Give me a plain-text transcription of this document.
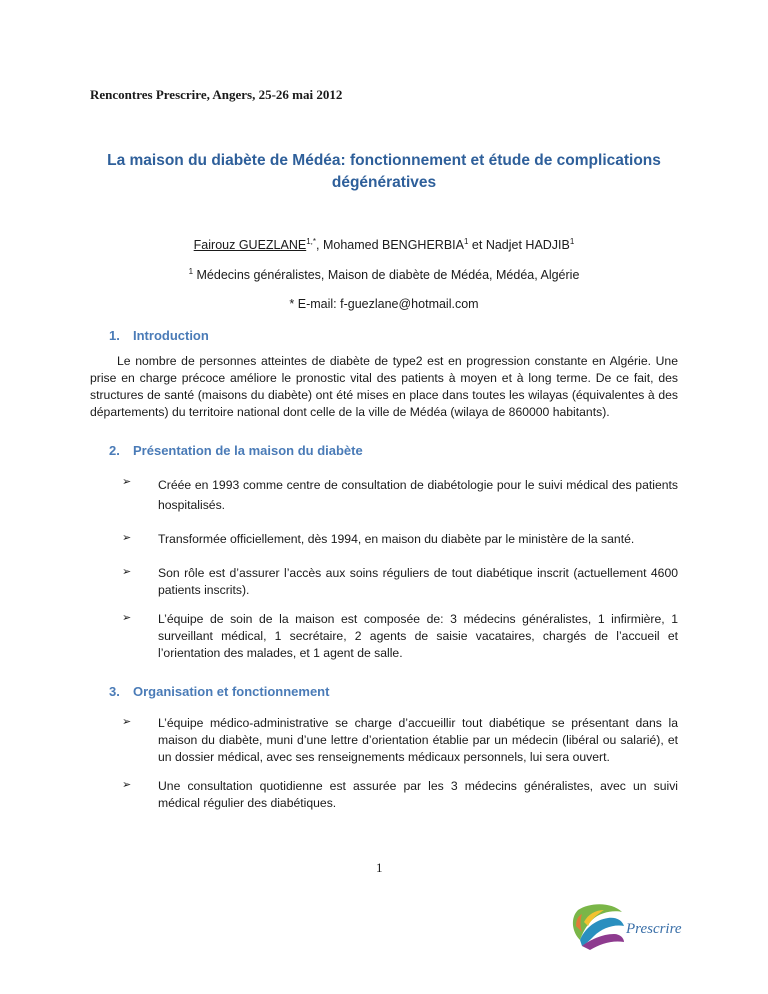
Rencontres Prescrire, Angers, 25-26 mai 2012
La maison du diabète de Médéa: fonctionnement et étude de complications dégénératives
Fairouz $GUEZLANE^{1,*}$, Mohamed BENGHERBIA$^1$ et Nadjet HADJIB$^1$
$^1$ Médecins généralistes, Maison de diabète de Médéa, Médéa, Algérie
* E-mail: f-guezlane@hotmail.com
1. Introduction
Le nombre de personnes atteintes de diabète de type2 est en progression constante en Algérie. Une prise en charge précoce améliore le pronostic vital des patients à moyen et à long terme. De ce fait, des structures de santé (maisons du diabète) ont été mises en place dans toutes les wilayas (équivalentes à des départements) du territoire national dont celle de la ville de Médéa (wilaya de 860000 habitants).
2. Présentation de la maison du diabète
➢ Créée en 1993 comme centre de consultation de diabétologie pour le suivi médical des patients hospitalisés.
➢ Transformée officiellement, dès 1994, en maison du diabète par le ministère de la santé.
➢ Son rôle est d’assurer l’accès aux soins réguliers de tout diabétique inscrit (actuellement 4600 patients inscrits).
➢ L’équipe de soin de la maison est composée de: 3 médecins généralistes, 1 infirmière, 1 surveillant médical, 1 secrétaire, 2 agents de saisie vacataires, chargés de l’accueil et l’orientation des malades, et 1 agent de salle.
3. Organisation et fonctionnement
➢ L’équipe médico-administrative se charge d’accueillir tout diabétique se présentant dans la maison du diabète, muni d’une lettre d’orientation établie par un médecin (libéral ou salarié), et un dossier médical, avec ses renseignements médicaux personnels, lui sera ouvert.
➢ Une consultation quotidienne est assurée par les 3 médecins généralistes, avec un suivi médical régulier des diabétiques.
1
Prescrire
